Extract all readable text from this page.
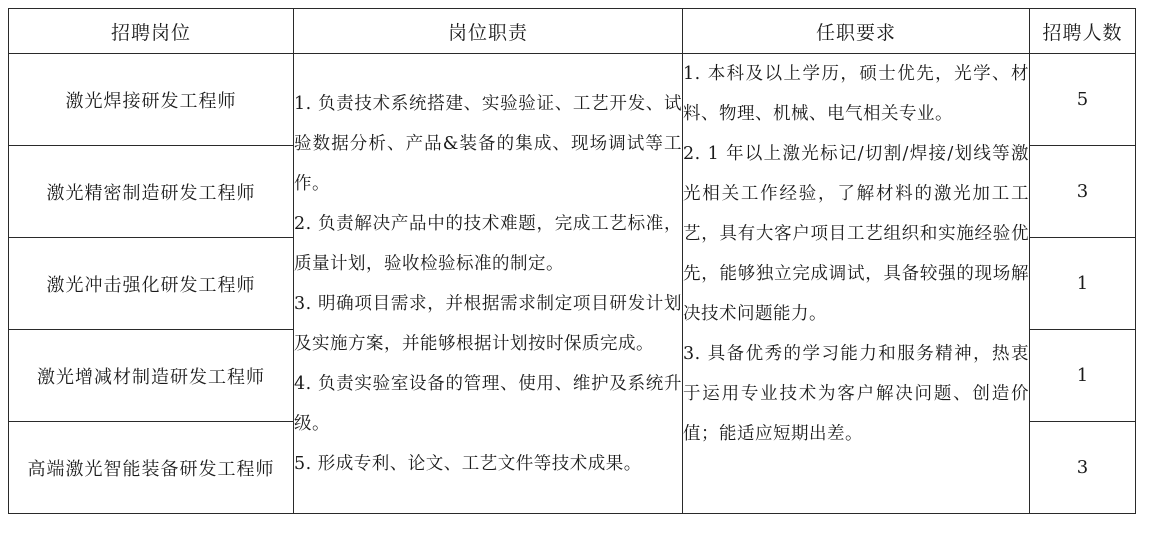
招聘岗位	岗位职责	任职要求	招聘人数
激光焊接研发工程师	1. 负责技术系统搭建、实验验证、工艺开发、试验数据分析、产品&装备的集成、现场调试等工作。
2. 负责解决产品中的技术难题，完成工艺标准，质量计划，验收检验标准的制定。
3. 明确项目需求，并根据需求制定项目研发计划及实施方案，并能够根据计划按时保质完成。
4. 负责实验室设备的管理、使用、维护及系统升级。
5. 形成专利、论文、工艺文件等技术成果。	1. 本科及以上学历，硕士优先，光学、材料、物理、机械、电气相关专业。
2. 1 年以上激光标记/切割/焊接/划线等激光相关工作经验，了解材料的激光加工工艺，具有大客户项目工艺组织和实施经验优先，能够独立完成调试，具备较强的现场解决技术问题能力。
3. 具备优秀的学习能力和服务精神，热衷于运用专业技术为客户解决问题、创造价值；能适应短期出差。	5
激光精密制造研发工程师			3
激光冲击强化研发工程师			1
激光增减材制造研发工程师			1
高端激光智能装备研发工程师			3
